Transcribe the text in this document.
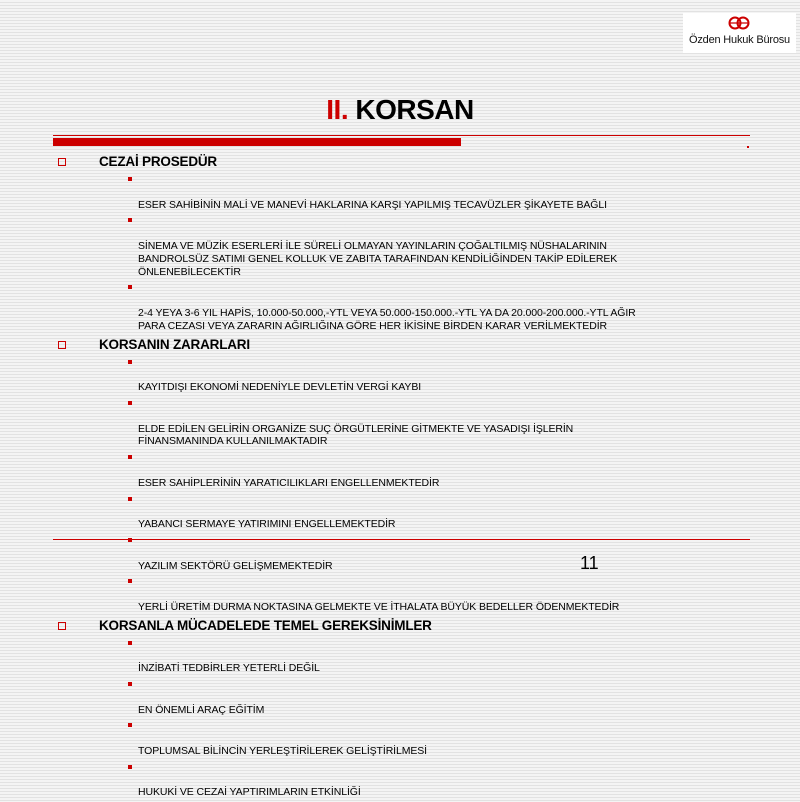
Özden Hukuk Bürosu
II. KORSAN
CEZAİ PROSEDÜR

ESER SAHİBİNİN MALİ VE MANEVİ HAKLARINA KARŞI YAPILMIŞ TECAVÜZLER ŞİKAYETE BAĞLI

SİNEMA VE MÜZİK ESERLERİ İLE SÜRELİ OLMAYAN YAYINLARIN ÇOĞALTILMIŞ NÜSHALARININ
BANDROLSÜZ SATIMI GENEL KOLLUK VE ZABITA TARAFINDAN KENDİLİĞİNDEN TAKİP EDİLEREK
ÖNLENEBİLECEKTİR

2-4 YEYA 3-6 YIL HAPİS, 10.000-50.000,-YTL VEYA 50.000-150.000.-YTL YA DA 20.000-200.000.-YTL AĞIR
PARA CEZASI VEYA ZARARIN AĞIRLIĞINA GÖRE HER İKİSİNE BİRDEN KARAR VERİLMEKTEDİR

KORSANIN ZARARLARI

KAYITDIŞI EKONOMİ NEDENİYLE DEVLETİN VERGİ KAYBI

ELDE EDİLEN GELİRİN ORGANİZE SUÇ ÖRGÜTLERİNE GİTMEKTE VE YASADIŞI İŞLERİN
FİNANSMANINDA KULLANILMAKTADIR

ESER SAHİPLERİNİN YARATICILIKLARI ENGELLENMEKTEDİR

YABANCI SERMAYE YATIRIMINI ENGELLEMEKTEDİR

YAZILIM SEKTÖRÜ GELİŞMEMEKTEDİR

YERLİ ÜRETİM DURMA NOKTASINA GELMEKTE VE İTHALATA BÜYÜK BEDELLER ÖDENMEKTEDİR

KORSANLA MÜCADELEDE TEMEL GEREKSİNİMLER

İNZİBATİ TEDBİRLER YETERLİ DEĞİL

EN ÖNEMLİ ARAÇ EĞİTİM

TOPLUMSAL BİLİNCİN YERLEŞTİRİLEREK GELİŞTİRİLMESİ

HUKUKİ VE CEZAİ YAPTIRIMLARIN ETKİNLİĞİ

11
